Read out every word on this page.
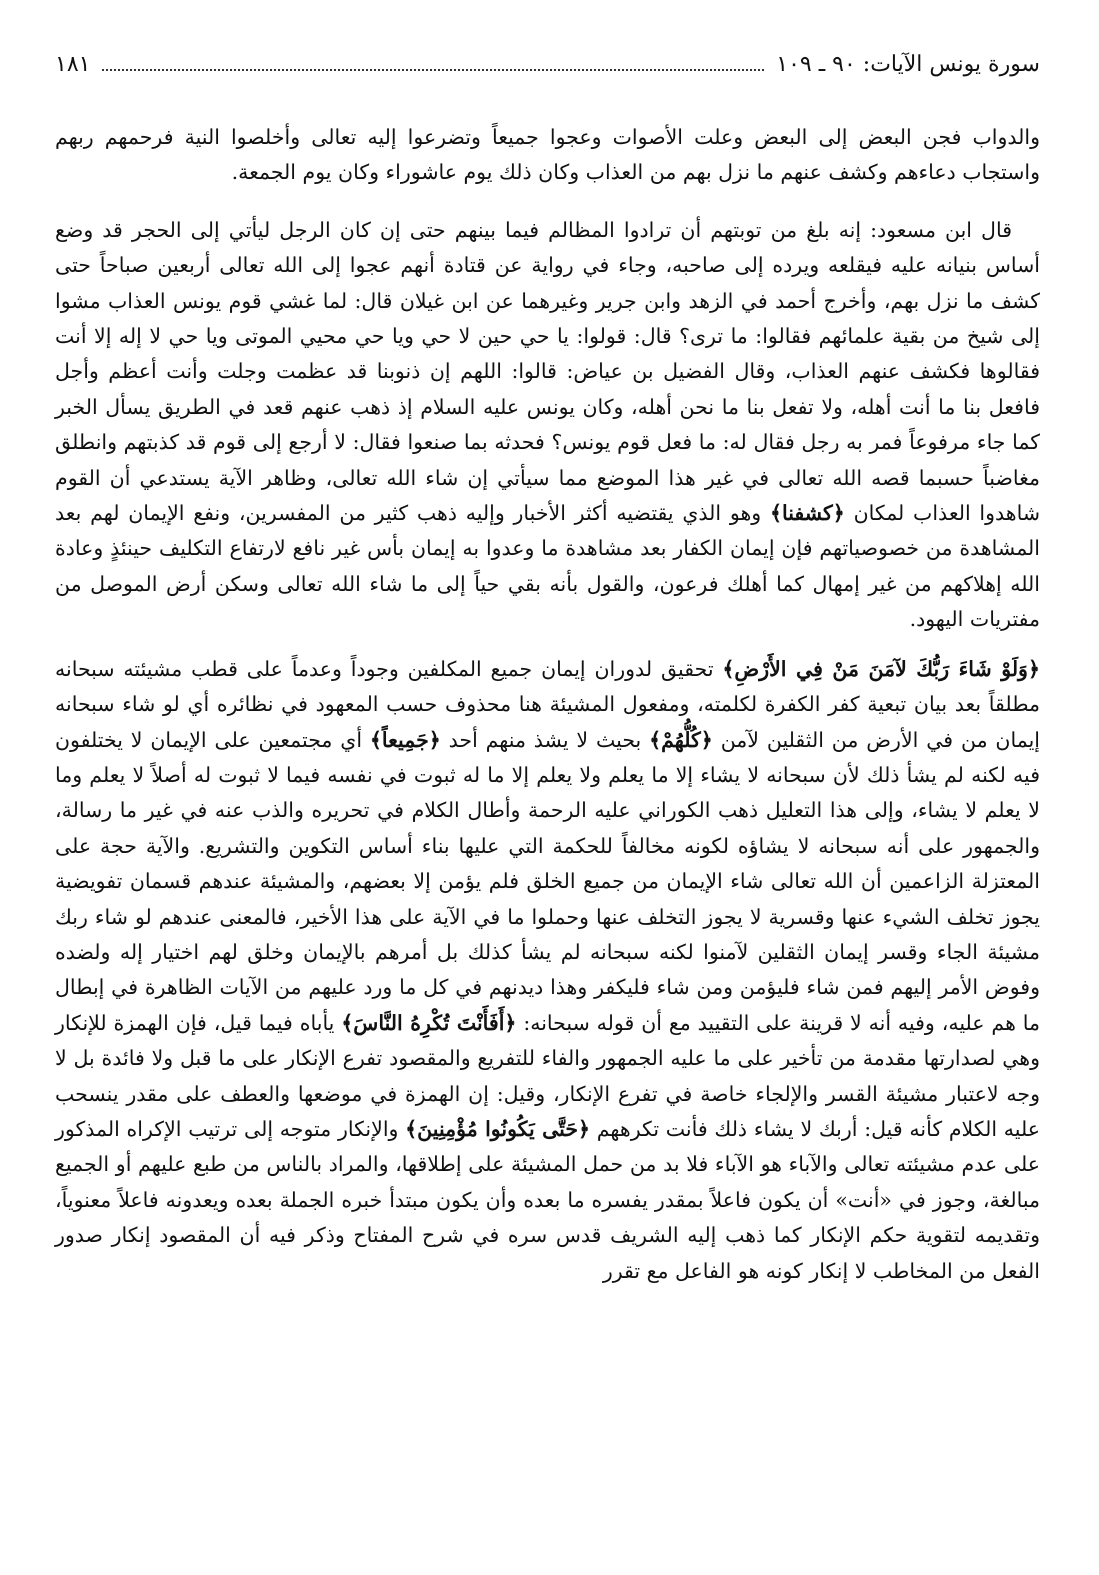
سورة يونس الآيات: ٩٠ ـ ١٠٩
١٨١

والدواب فجن البعض إلى البعض وعلت الأصوات وعجوا جميعاً وتضرعوا إليه تعالى وأخلصوا النية فرحمهم ربهم واستجاب دعاءهم وكشف عنهم ما نزل بهم من العذاب وكان ذلك يوم عاشوراء وكان يوم الجمعة.

قال ابن مسعود: إنه بلغ من توبتهم أن ترادوا المظالم فيما بينهم حتى إن كان الرجل ليأتي إلى الحجر قد وضع أساس بنيانه عليه فيقلعه ويرده إلى صاحبه، وجاء في رواية عن قتادة أنهم عجوا إلى الله تعالى أربعين صباحاً حتى كشف ما نزل بهم، وأخرج أحمد في الزهد وابن جرير وغيرهما عن ابن غيلان قال: لما غشي قوم يونس العذاب مشوا إلى شيخ من بقية علمائهم فقالوا: ما ترى؟ قال: قولوا: يا حي حين لا حي ويا حي محيي الموتى ويا حي لا إله إلا أنت فقالوها فكشف عنهم العذاب، وقال الفضيل بن عياض: قالوا: اللهم إن ذنوبنا قد عظمت وجلت وأنت أعظم وأجل فافعل بنا ما أنت أهله، ولا تفعل بنا ما نحن أهله، وكان يونس عليه السلام إذ ذهب عنهم قعد في الطريق يسأل الخبر كما جاء مرفوعاً فمر به رجل فقال له: ما فعل قوم يونس؟ فحدثه بما صنعوا فقال: لا أرجع إلى قوم قد كذبتهم وانطلق مغاضباً حسبما قصه الله تعالى في غير هذا الموضع مما سيأتي إن شاء الله تعالى، وظاهر الآية يستدعي أن القوم شاهدوا العذاب لمكان ﴿كشفنا﴾ وهو الذي يقتضيه أكثر الأخبار وإليه ذهب كثير من المفسرين، ونفع الإيمان لهم بعد المشاهدة من خصوصياتهم فإن إيمان الكفار بعد مشاهدة ما وعدوا به إيمان بأس غير نافع لارتفاع التكليف حينئذٍ وعادة الله إهلاكهم من غير إمهال كما أهلك فرعون، والقول بأنه بقي حياً إلى ما شاء الله تعالى وسكن أرض الموصل من مفتريات اليهود.

﴿وَلَوْ شَاءَ رَبُّكَ لآمَنَ مَنْ فِي الأَرْضِ﴾ تحقيق لدوران إيمان جميع المكلفين وجوداً وعدماً على قطب مشيئته سبحانه مطلقاً بعد بيان تبعية كفر الكفرة لكلمته، ومفعول المشيئة هنا محذوف حسب المعهود في نظائره أي لو شاء سبحانه إيمان من في الأرض من الثقلين لآمن ﴿كُلُّهُمْ﴾ بحيث لا يشذ منهم أحد ﴿جَمِيعاً﴾ أي مجتمعين على الإيمان لا يختلفون فيه لكنه لم يشأ ذلك لأن سبحانه لا يشاء إلا ما يعلم ولا يعلم إلا ما له ثبوت في نفسه فيما لا ثبوت له أصلاً لا يعلم وما لا يعلم لا يشاء، وإلى هذا التعليل ذهب الكوراني عليه الرحمة وأطال الكلام في تحريره والذب عنه في غير ما رسالة، والجمهور على أنه سبحانه لا يشاؤه لكونه مخالفاً للحكمة التي عليها بناء أساس التكوين والتشريع. والآية حجة على المعتزلة الزاعمين أن الله تعالى شاء الإيمان من جميع الخلق فلم يؤمن إلا بعضهم، والمشيئة عندهم قسمان تفويضية يجوز تخلف الشيء عنها وقسرية لا يجوز التخلف عنها وحملوا ما في الآية على هذا الأخير، فالمعنى عندهم لو شاء ربك مشيئة الجاء وقسر إيمان الثقلين لآمنوا لكنه سبحانه لم يشأ كذلك بل أمرهم بالإيمان وخلق لهم اختيار إله ولضده وفوض الأمر إليهم فمن شاء فليؤمن ومن شاء فليكفر وهذا ديدنهم في كل ما ورد عليهم من الآيات الظاهرة في إبطال ما هم عليه، وفيه أنه لا قرينة على التقييد مع أن قوله سبحانه: ﴿أَفَأَنْتَ تُكْرِهُ النَّاسَ﴾ يأباه فيما قيل، فإن الهمزة للإنكار وهي لصدارتها مقدمة من تأخير على ما عليه الجمهور والفاء للتفريع والمقصود تفرع الإنكار على ما قبل ولا فائدة بل لا وجه لاعتبار مشيئة القسر والإلجاء خاصة في تفرع الإنكار، وقيل: إن الهمزة في موضعها والعطف على مقدر ينسحب عليه الكلام كأنه قيل: أربك لا يشاء ذلك فأنت تكرههم ﴿حَتَّى يَكُونُوا مُؤْمِنِينَ﴾ والإنكار متوجه إلى ترتيب الإكراه المذكور على عدم مشيئته تعالى والآباء هو الآباء فلا بد من حمل المشيئة على إطلاقها، والمراد بالناس من طبع عليهم أو الجميع مبالغة، وجوز في «أنت» أن يكون فاعلاً بمقدر يفسره ما بعده وأن يكون مبتدأ خبره الجملة بعده ويعدونه فاعلاً معنوياً، وتقديمه لتقوية حكم الإنكار كما ذهب إليه الشريف قدس سره في شرح المفتاح وذكر فيه أن المقصود إنكار صدور الفعل من المخاطب لا إنكار كونه هو الفاعل مع تقرر
